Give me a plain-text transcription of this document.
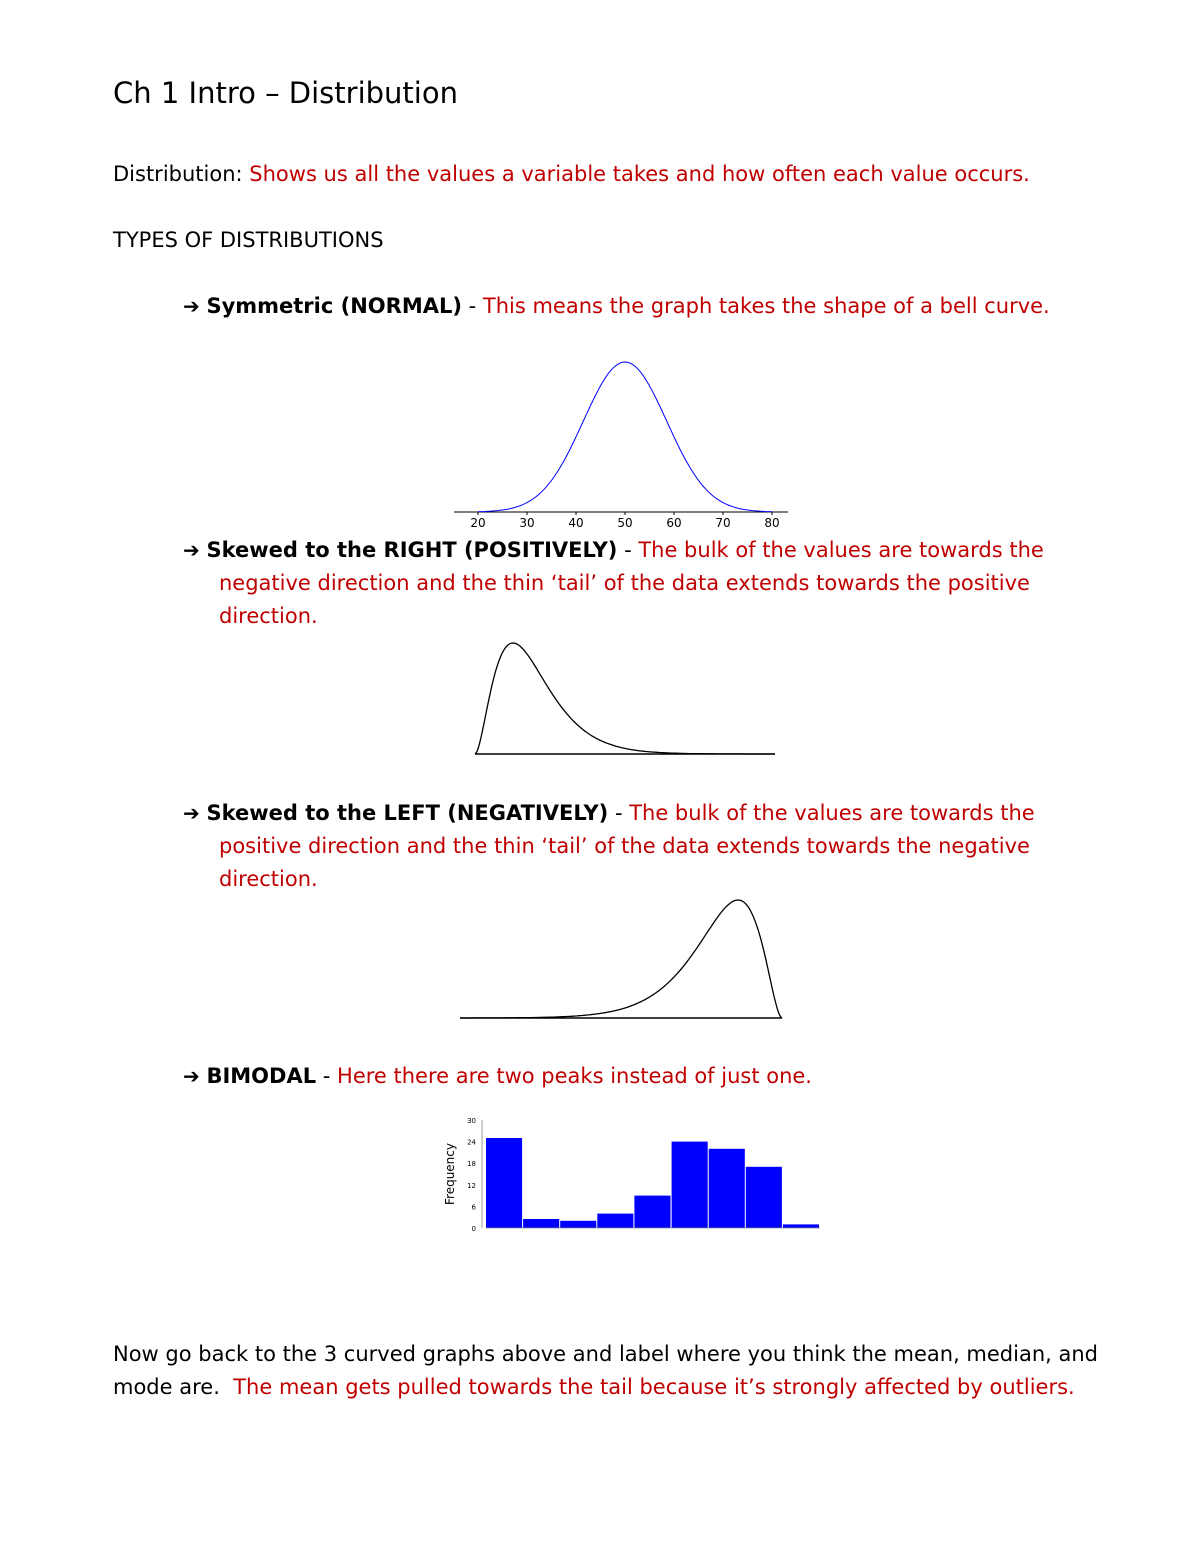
Ch 1 Intro – Distribution
Distribution: Shows us all the values a variable takes and how often each value occurs.
TYPES OF DISTRIBUTIONS
➔ Symmetric (NORMAL) - This means the graph takes the shape of a bell curve.
20	30	40	50	60	70	80
➔ Skewed to the RIGHT (POSITIVELY) - The bulk of the values are towards the
negative direction and the thin ‘tail’ of the data extends towards the positive
direction.
➔ Skewed to the LEFT (NEGATIVELY) - The bulk of the values are towards the
positive direction and the thin ‘tail’ of the data extends towards the negative
direction.
➔ BIMODAL - Here there are two peaks instead of just one.
0
6
12
18
24
30
Frequency
Now go back to the 3 curved graphs above and label where you think the mean, median, and
mode are. The mean gets pulled towards the tail because it’s strongly affected by outliers.
